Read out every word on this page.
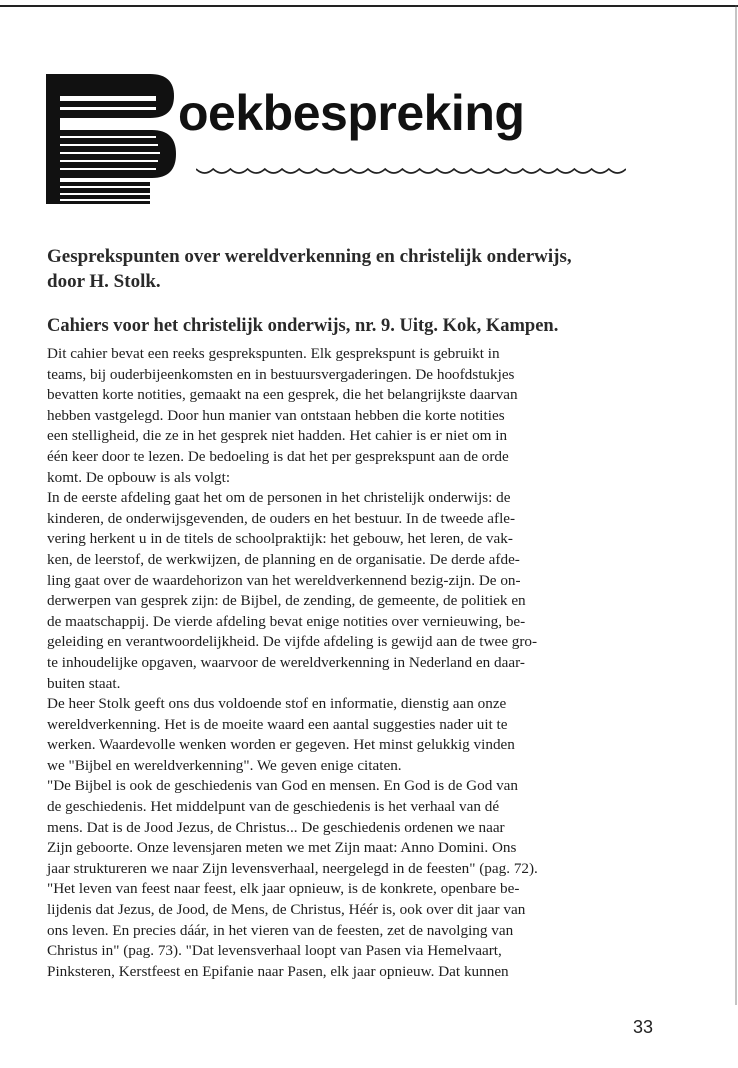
oekbespreking
Gesprekspunten over wereldverkenning en christelijk onderwijs,
door H. Stolk.
Cahiers voor het christelijk onderwijs, nr. 9. Uitg. Kok, Kampen.
Dit cahier bevat een reeks gesprekspunten. Elk gesprekspunt is gebruikt in
teams, bij ouderbijeenkomsten en in bestuursvergaderingen. De hoofdstukjes
bevatten korte notities, gemaakt na een gesprek, die het belangrijkste daarvan
hebben vastgelegd. Door hun manier van ontstaan hebben die korte notities
een stelligheid, die ze in het gesprek niet hadden. Het cahier is er niet om in
één keer door te lezen. De bedoeling is dat het per gesprekspunt aan de orde
komt. De opbouw is als volgt:
In de eerste afdeling gaat het om de personen in het christelijk onderwijs: de
kinderen, de onderwijsgevenden, de ouders en het bestuur. In de tweede afle-
vering herkent u in de titels de schoolpraktijk: het gebouw, het leren, de vak-
ken, de leerstof, de werkwijzen, de planning en de organisatie. De derde afde-
ling gaat over de waardehorizon van het wereldverkennend bezig-zijn. De on-
derwerpen van gesprek zijn: de Bijbel, de zending, de gemeente, de politiek en
de maatschappij. De vierde afdeling bevat enige notities over vernieuwing, be-
geleiding en verantwoordelijkheid. De vijfde afdeling is gewijd aan de twee gro-
te inhoudelijke opgaven, waarvoor de wereldverkenning in Nederland en daar-
buiten staat.
De heer Stolk geeft ons dus voldoende stof en informatie, dienstig aan onze
wereldverkenning. Het is de moeite waard een aantal suggesties nader uit te
werken. Waardevolle wenken worden er gegeven. Het minst gelukkig vinden
we "Bijbel en wereldverkenning". We geven enige citaten.
"De Bijbel is ook de geschiedenis van God en mensen. En God is de God van
de geschiedenis. Het middelpunt van de geschiedenis is het verhaal van dé
mens. Dat is de Jood Jezus, de Christus... De geschiedenis ordenen we naar
Zijn geboorte. Onze levensjaren meten we met Zijn maat: Anno Domini. Ons
jaar struktureren we naar Zijn levensverhaal, neergelegd in de feesten" (pag. 72).
"Het leven van feest naar feest, elk jaar opnieuw, is de konkrete, openbare be-
lijdenis dat Jezus, de Jood, de Mens, de Christus, Héér is, ook over dit jaar van
ons leven. En precies dáár, in het vieren van de feesten, zet de navolging van
Christus in" (pag. 73). "Dat levensverhaal loopt van Pasen via Hemelvaart,
Pinksteren, Kerstfeest en Epifanie naar Pasen, elk jaar opnieuw. Dat kunnen
33
